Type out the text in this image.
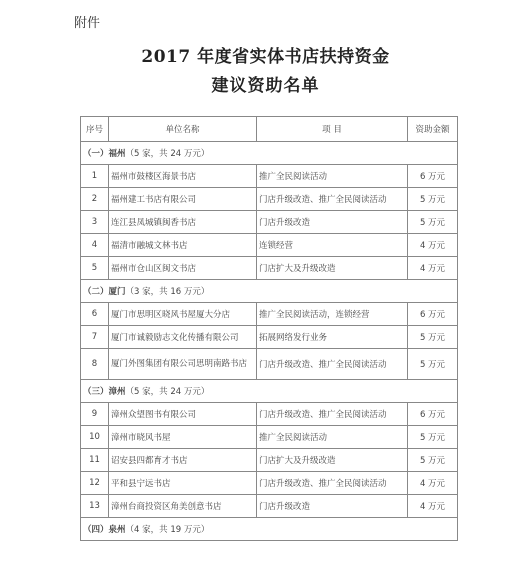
附件
2017 年度省实体书店扶持资金
建议资助名单
序号	单位名称	项 目	资助金额
（一）福州（5 家，共 24 万元）			
1	福州市鼓楼区海景书店	推广全民阅读活动	6 万元
2	福州建工书店有限公司	门店升级改造、推广全民阅读活动	5 万元
3	连江县凤城镇闽香书店	门店升级改造	5 万元
4	福清市融城文林书店	连锁经营	4 万元
5	福州市仓山区闽文书店	门店扩大及升级改造	4 万元
（二）厦门（3 家，共 16 万元）			
6	厦门市思明区晓风书屋厦大分店	推广全民阅读活动，连锁经营	6 万元
7	厦门市诚毅励志文化传播有限公司	拓展网络发行业务	5 万元
8	厦门外图集团有限公司思明南路书店	门店升级改造、推广全民阅读活动	5 万元
（三）漳州（5 家，共 24 万元）			
9	漳州众望图书有限公司	门店升级改造、推广全民阅读活动	6 万元
10	漳州市晓风书屋	推广全民阅读活动	5 万元
11	诏安县四都育才书店	门店扩大及升级改造	5 万元
12	平和县宁远书店	门店升级改造、推广全民阅读活动	4 万元
13	漳州台商投资区角美创意书店	门店升级改造	4 万元
（四）泉州（4 家，共 19 万元）			
